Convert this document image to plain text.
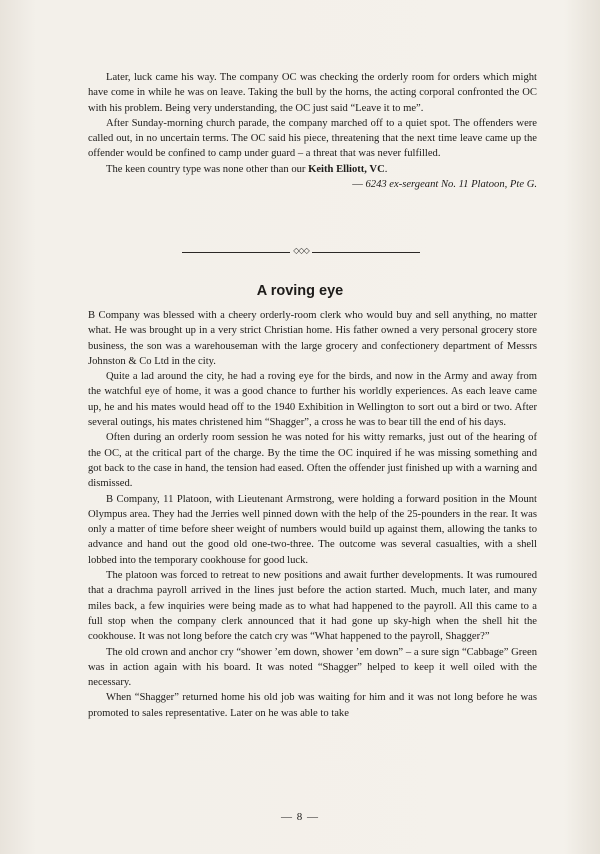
Later, luck came his way. The company OC was checking the orderly room for orders which might have come in while he was on leave. Taking the bull by the horns, the acting corporal confronted the OC with his problem. Being very understanding, the OC just said “Leave it to me”.

After Sunday-morning church parade, the company marched off to a quiet spot. The offenders were called out, in no uncertain terms. The OC said his piece, threatening that the next time leave came up the offender would be confined to camp under guard – a threat that was never fulfilled.

The keen country type was none other than our Keith Elliott, VC.

— 6243 ex-sergeant No. 11 Platoon, Pte G.

◇◇◇
A roving eye

B Company was blessed with a cheery orderly-room clerk who would buy and sell anything, no matter what. He was brought up in a very strict Christian home. His father owned a very personal grocery store business, the son was a warehouseman with the large grocery and confectionery department of Messrs Johnston & Co Ltd in the city.

Quite a lad around the city, he had a roving eye for the birds, and now in the Army and away from the watchful eye of home, it was a good chance to further his worldly experiences. As each leave came up, he and his mates would head off to the 1940 Exhibition in Wellington to sort out a bird or two. After several outings, his mates christened him “Shagger”, a cross he was to bear till the end of his days.

Often during an orderly room session he was noted for his witty remarks, just out of the hearing of the OC, at the critical part of the charge. By the time the OC inquired if he was missing something and got back to the case in hand, the tension had eased. Often the offender just finished up with a warning and dismissed.

B Company, 11 Platoon, with Lieutenant Armstrong, were holding a forward position in the Mount Olympus area. They had the Jerries well pinned down with the help of the 25-pounders in the rear. It was only a matter of time before sheer weight of numbers would build up against them, allowing the tanks to advance and hand out the good old one-two-three. The outcome was several casualties, with a shell lobbed into the temporary cookhouse for good luck.

The platoon was forced to retreat to new positions and await further developments. It was rumoured that a drachma payroll arrived in the lines just before the action started. Much, much later, and many miles back, a few inquiries were being made as to what had happened to the payroll. All this came to a full stop when the company clerk announced that it had gone up sky-high when the shell hit the cookhouse. It was not long before the catch cry was “What happened to the payroll, Shagger?”

The old crown and anchor cry “shower ’em down, shower ’em down” – a sure sign “Cabbage” Green was in action again with his board. It was noted “Shagger” helped to keep it well oiled with the necessary.

When “Shagger” returned home his old job was waiting for him and it was not long before he was promoted to sales representative. Later on he was able to take

— 8 —
